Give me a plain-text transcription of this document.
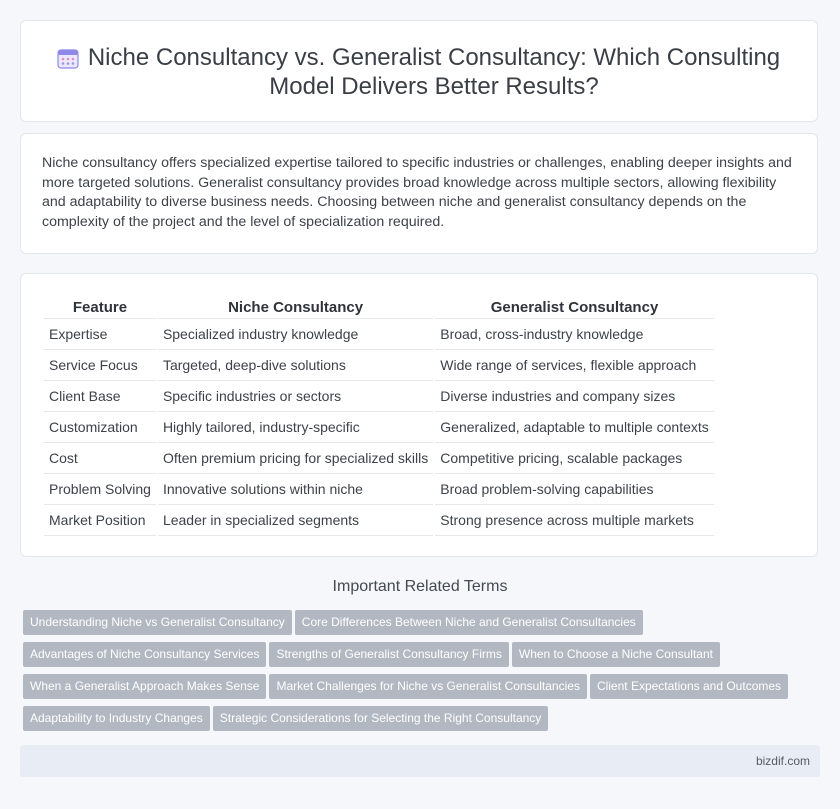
Niche Consultancy vs. Generalist Consultancy: Which Consulting Model Delivers Better Results?

Niche consultancy offers specialized expertise tailored to specific industries or challenges, enabling deeper insights and more targeted solutions. Generalist consultancy provides broad knowledge across multiple sectors, allowing flexibility and adaptability to diverse business needs. Choosing between niche and generalist consultancy depends on the complexity of the project and the level of specialization required.

Feature	Niche Consultancy	Generalist Consultancy
Expertise	Specialized industry knowledge	Broad, cross-industry knowledge
Service Focus	Targeted, deep-dive solutions	Wide range of services, flexible approach
Client Base	Specific industries or sectors	Diverse industries and company sizes
Customization	Highly tailored, industry-specific	Generalized, adaptable to multiple contexts
Cost	Often premium pricing for specialized skills	Competitive pricing, scalable packages
Problem Solving	Innovative solutions within niche	Broad problem-solving capabilities
Market Position	Leader in specialized segments	Strong presence across multiple markets
Important Related Terms
Understanding Niche vs Generalist Consultancy Core Differences Between Niche and Generalist Consultancies
Advantages of Niche Consultancy Services Strengths of Generalist Consultancy Firms When to Choose a Niche Consultant
When a Generalist Approach Makes Sense Market Challenges for Niche vs Generalist Consultancies Client Expectations and Outcomes
Adaptability to Industry Changes Strategic Considerations for Selecting the Right Consultancy
bizdif.com
